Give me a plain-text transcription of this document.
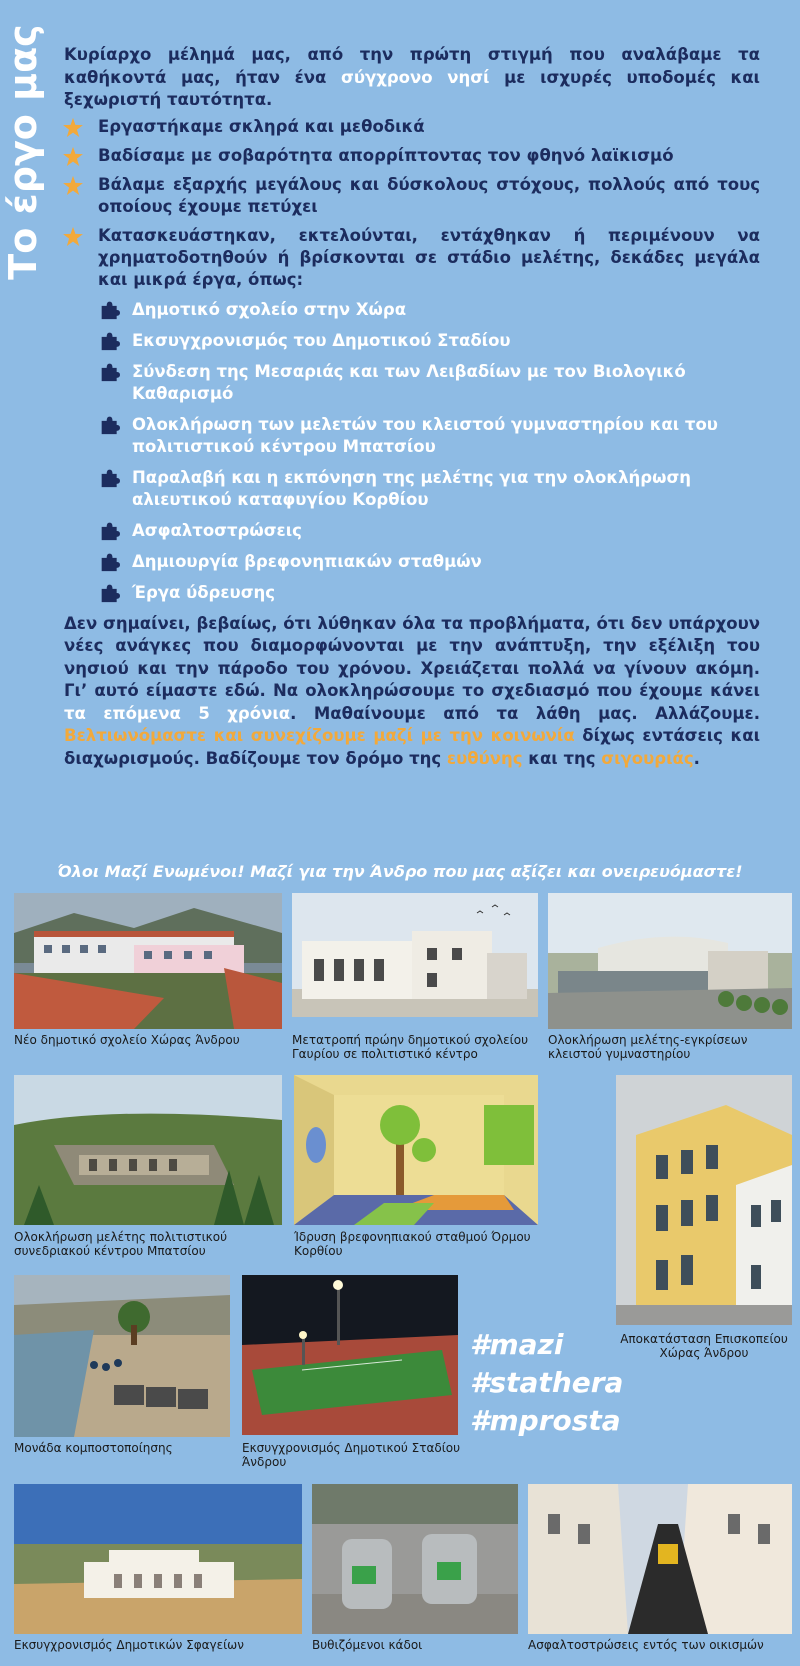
Το έργο μας Κυρίαρχο μέλημά μας, από την πρώτη στιγμή που αναλάβαμε τα καθήκοντά μας, ήταν ένα σύγχρονο νησί με ισχυρές υποδομές και ξεχωριστή ταυτότητα.

Εργαστήκαμε σκληρά και μεθοδικά
Βαδίσαμε με σοβαρότητα απορρίπτοντας τον φθηνό λαϊκισμό
Βάλαμε εξαρχής μεγάλους και δύσκολους στόχους, πολλούς από τους οποίους έχουμε πετύχει
Κατασκευάστηκαν, εκτελούνται, εντάχθηκαν ή περιμένουν να χρηματοδοτηθούν ή βρίσκονται σε στάδιο μελέτης, δεκάδες μεγάλα και μικρά έργα, όπως:
Δημοτικό σχολείο στην Χώρα
Εκσυγχρονισμός του Δημοτικού Σταδίου
Σύνδεση της Μεσαριάς και των Λειβαδίων με τον Βιολογικό Καθαρισμό
Ολοκλήρωση των μελετών του κλειστού γυμναστηρίου και του πολιτιστικού κέντρου Μπατσίου
Παραλαβή και η εκπόνηση της μελέτης για την ολοκλήρωση αλιευτικού καταφυγίου Κορθίου
Ασφαλτοστρώσεις
Δημιουργία βρεφονηπιακών σταθμών
Έργα ύδρευσης

Δεν σημαίνει, βεβαίως, ότι λύθηκαν όλα τα προβλήματα, ότι δεν υπάρχουν νέες ανάγκες που διαμορφώνονται με την ανάπτυξη, την εξέλιξη του νησιού και την πάροδο του χρόνου. Χρειάζεται πολλά να γίνουν ακόμη. Γι’ αυτό είμαστε εδώ. Να ολοκληρώσουμε το σχεδιασμό που έχουμε κάνει τα επόμενα 5 χρόνια. Μαθαίνουμε από τα λάθη μας. Αλλάζουμε. Βελτιωνόμαστε και συνεχίζουμε μαζί με την κοινωνία δίχως εντάσεις και διαχωρισμούς. Βαδίζουμε τον δρόμο της ευθύνης και της σιγουριάς.

Όλοι Μαζί Ενωμένοι! Μαζί για την Άνδρο που μας αξίζει και ονειρευόμαστε!
Νέο δημοτικό σχολείο Χώρας Άνδρου	Μετατροπή πρώην δημοτικού σχολείου Γαυρίου σε πολιτιστικό κέντρο
Ολοκλήρωση μελέτης-εγκρίσεων κλειστού γυμναστηρίου
Ολοκλήρωση μελέτης πολιτιστικού συνεδριακού κέντρου Μπατσίου
Ίδρυση βρεφονηπιακού σταθμού Όρμου Κορθίου
Αποκατάσταση Επισκοπείου Χώρας Άνδρου
Μονάδα κομποστοποίησης	Εκσυγχρονισμός Δημοτικού Σταδίου Άνδρου
#mazi
#stathera
#mprosta
Εκσυγχρονισμός Δημοτικών Σφαγείων	Βυθιζόμενοι κάδοι	Ασφαλτοστρώσεις εντός των οικισμών
